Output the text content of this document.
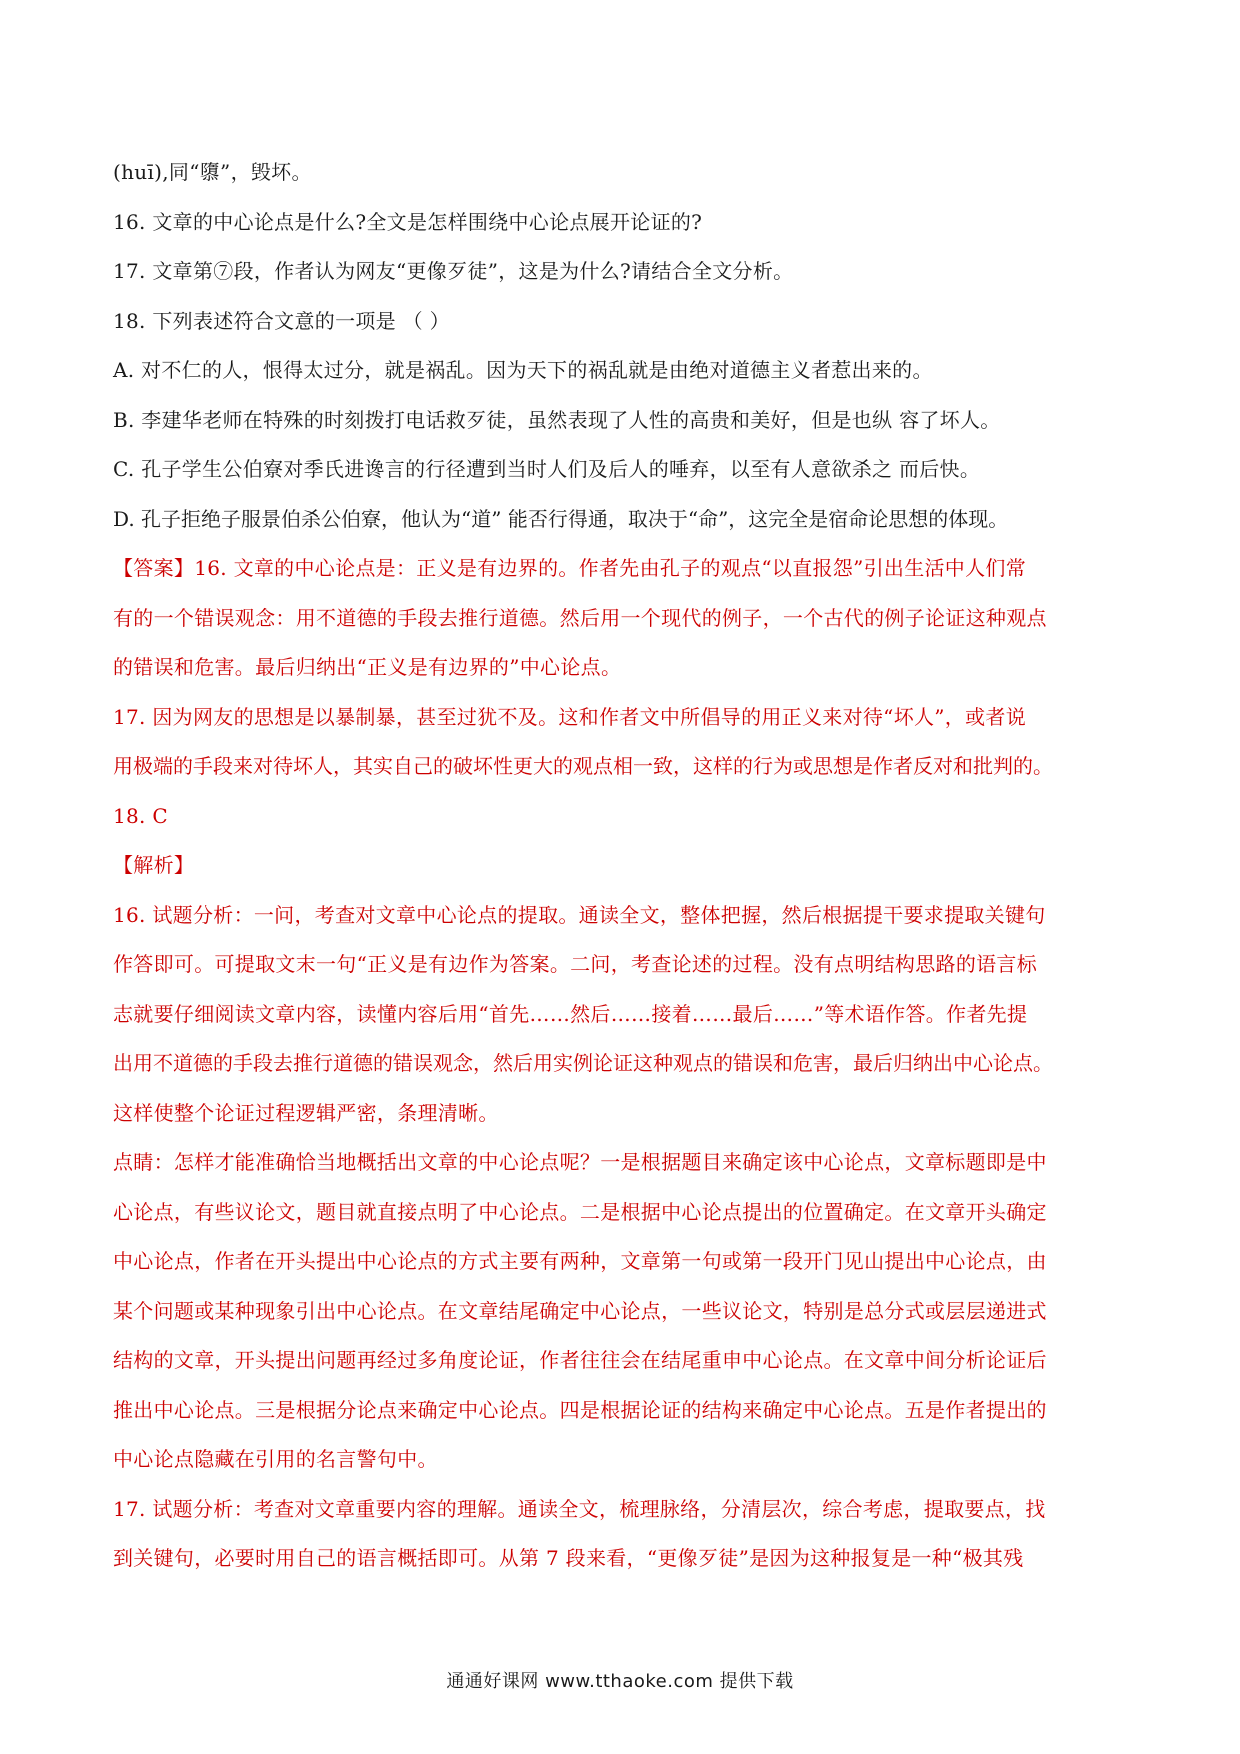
(huī),同“隳”，毁坏。
16. 文章的中心论点是什么?全文是怎样围绕中心论点展开论证的?
17. 文章第⑦段，作者认为网友“更像歹徒”，这是为什么?请结合全文分析。
18. 下列表述符合文意的一项是 （ ）
A. 对不仁的人，恨得太过分，就是祸乱。因为天下的祸乱就是由绝对道德主义者惹出来的。
B. 李建华老师在特殊的时刻拨打电话救歹徒，虽然表现了人性的高贵和美好，但是也纵 容了坏人。
C. 孔子学生公伯寮对季氏进谗言的行径遭到当时人们及后人的唾弃，以至有人意欲杀之 而后快。
D. 孔子拒绝子服景伯杀公伯寮，他认为“道” 能否行得通，取决于“命”，这完全是宿命论思想的体现。
【答案】16. 文章的中心论点是：正义是有边界的。作者先由孔子的观点“以直报怨”引出生活中人们常
有的一个错误观念：用不道德的手段去推行道德。然后用一个现代的例子，一个古代的例子论证这种观点
的错误和危害。最后归纳出“正义是有边界的”中心论点。
17. 因为网友的思想是以暴制暴，甚至过犹不及。这和作者文中所倡导的用正义来对待“坏人”，或者说
用极端的手段来对待坏人，其实自己的破坏性更大的观点相一致，这样的行为或思想是作者反对和批判的。
18. C
【解析】
16. 试题分析：一问，考查对文章中心论点的提取。通读全文，整体把握，然后根据提干要求提取关键句
作答即可。可提取文末一句“正义是有边作为答案。二问，考查论述的过程。没有点明结构思路的语言标
志就要仔细阅读文章内容，读懂内容后用“首先……然后……接着……最后……”等术语作答。作者先提
出用不道德的手段去推行道德的错误观念，然后用实例论证这种观点的错误和危害，最后归纳出中心论点。
这样使整个论证过程逻辑严密，条理清晰。
点睛：怎样才能准确恰当地概括出文章的中心论点呢？一是根据题目来确定该中心论点，文章标题即是中
心论点，有些议论文，题目就直接点明了中心论点。二是根据中心论点提出的位置确定。在文章开头确定
中心论点，作者在开头提出中心论点的方式主要有两种，文章第一句或第一段开门见山提出中心论点，由
某个问题或某种现象引出中心论点。在文章结尾确定中心论点，一些议论文，特别是总分式或层层递进式
结构的文章，开头提出问题再经过多角度论证，作者往往会在结尾重申中心论点。在文章中间分析论证后
推出中心论点。三是根据分论点来确定中心论点。四是根据论证的结构来确定中心论点。五是作者提出的
中心论点隐藏在引用的名言警句中。
17. 试题分析：考查对文章重要内容的理解。通读全文，梳理脉络，分清层次，综合考虑，提取要点，找
到关键句，必要时用自己的语言概括即可。从第 7 段来看，“更像歹徒”是因为这种报复是一种“极其残
通通好课网 www.tthaoke.com 提供下载
